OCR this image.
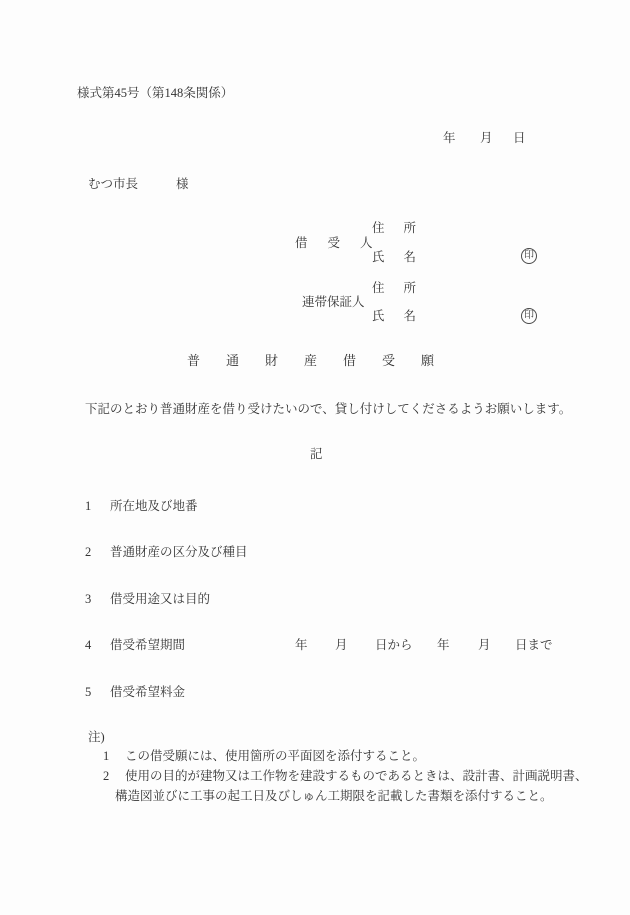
様式第45号（第148条関係）
年 月 日
むつ市長	様
住所
借受人
氏名	印
住所
連帯保証人
氏名	印
普通財産借受願
下記のとおり普通財産を借り受けたいので、貸し付けしてくださるようお願いします。
記
1 所在地及び地番
2 普通財産の区分及び種目
3 借受用途又は目的
4 借受希望期間
5 借受希望料金
年 月 日から 年 月 日まで
注)
1 この借受願には、使用箇所の平面図を添付すること。
2 使用の目的が建物又は工作物を建設するものであるときは、設計書、計画説明書、
構造図並びに工事の起工日及びしゅん工期限を記載した書類を添付すること。
